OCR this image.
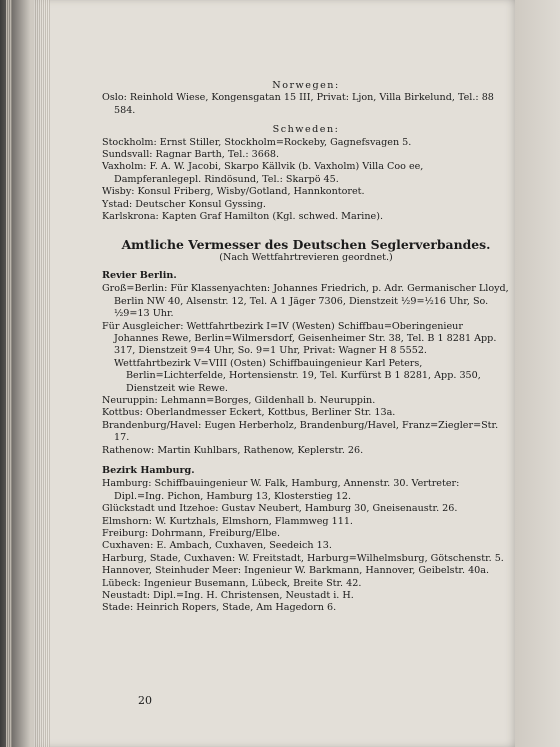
Norwegen:
Oslo: Reinhold Wiese, Kongensgatan 15 III, Privat: Ljon, Villa Birkelund, Tel.: 88 584.
Schweden:
Stockholm: Ernst Stiller, Stockholm=Rockeby, Gagnefsvagen 5.
Sundsvall: Ragnar Barth, Tel.: 3668.
Vaxholm: F. A. W. Jacobi, Skarpo Källvik (b. Vaxholm) Villa Coo ee, Dampferanlegepl. Rindösund, Tel.: Skarpö 45.
Wisby: Konsul Friberg, Wisby/Gotland, Hannkontoret.
Ystad: Deutscher Konsul Gyssing.
Karlskrona: Kapten Graf Hamilton (Kgl. schwed. Marine).
Amtliche Vermesser des Deutschen Seglerverbandes.
(Nach Wettfahrtrevieren geordnet.)
Revier Berlin.
Groß=Berlin: Für Klassenyachten: Johannes Friedrich, p. Adr. Germanischer Lloyd, Berlin NW 40, Alsenstr. 12, Tel. A 1 Jäger 7306, Dienstzeit ½9=½16 Uhr, So. ½9=13 Uhr.
Für Ausgleicher: Wettfahrtbezirk I=IV (Westen) Schiffbau=Oberingenieur Johannes Rewe, Berlin=Wilmersdorf, Geisenheimer Str. 38, Tel. B 1 8281 App. 317, Dienstzeit 9=4 Uhr, So. 9=1 Uhr, Privat: Wagner H 8 5552.
Wettfahrtbezirk V=VIII (Osten) Schiffbauingenieur Karl Peters, Berlin=Lichterfelde, Hortensienstr. 19, Tel. Kurfürst B 1 8281, App. 350, Dienstzeit wie Rewe.
Neuruppin: Lehmann=Borges, Gildenhall b. Neuruppin.
Kottbus: Oberlandmesser Eckert, Kottbus, Berliner Str. 13a.
Brandenburg/Havel: Eugen Herberholz, Brandenburg/Havel, Franz=Ziegler=Str. 17.
Rathenow: Martin Kuhlbars, Rathenow, Keplerstr. 26.
Bezirk Hamburg.
Hamburg: Schiffbauingenieur W. Falk, Hamburg, Annenstr. 30. Vertreter: Dipl.=Ing. Pichon, Hamburg 13, Klosterstieg 12.
Glückstadt und Itzehoe: Gustav Neubert, Hamburg 30, Gneisenaustr. 26.
Elmshorn: W. Kurtzhals, Elmshorn, Flammweg 111.
Freiburg: Dohrmann, Freiburg/Elbe.
Cuxhaven: E. Ambach, Cuxhaven, Seedeich 13.
Harburg, Stade, Cuxhaven: W. Freitstadt, Harburg=Wilhelmsburg, Götschenstr. 5.
Hannover, Steinhuder Meer: Ingenieur W. Barkmann, Hannover, Geibelstr. 40a.
Lübeck: Ingenieur Busemann, Lübeck, Breite Str. 42.
Neustadt: Dipl.=Ing. H. Christensen, Neustadt i. H.
Stade: Heinrich Ropers, Stade, Am Hagedorn 6.
20
